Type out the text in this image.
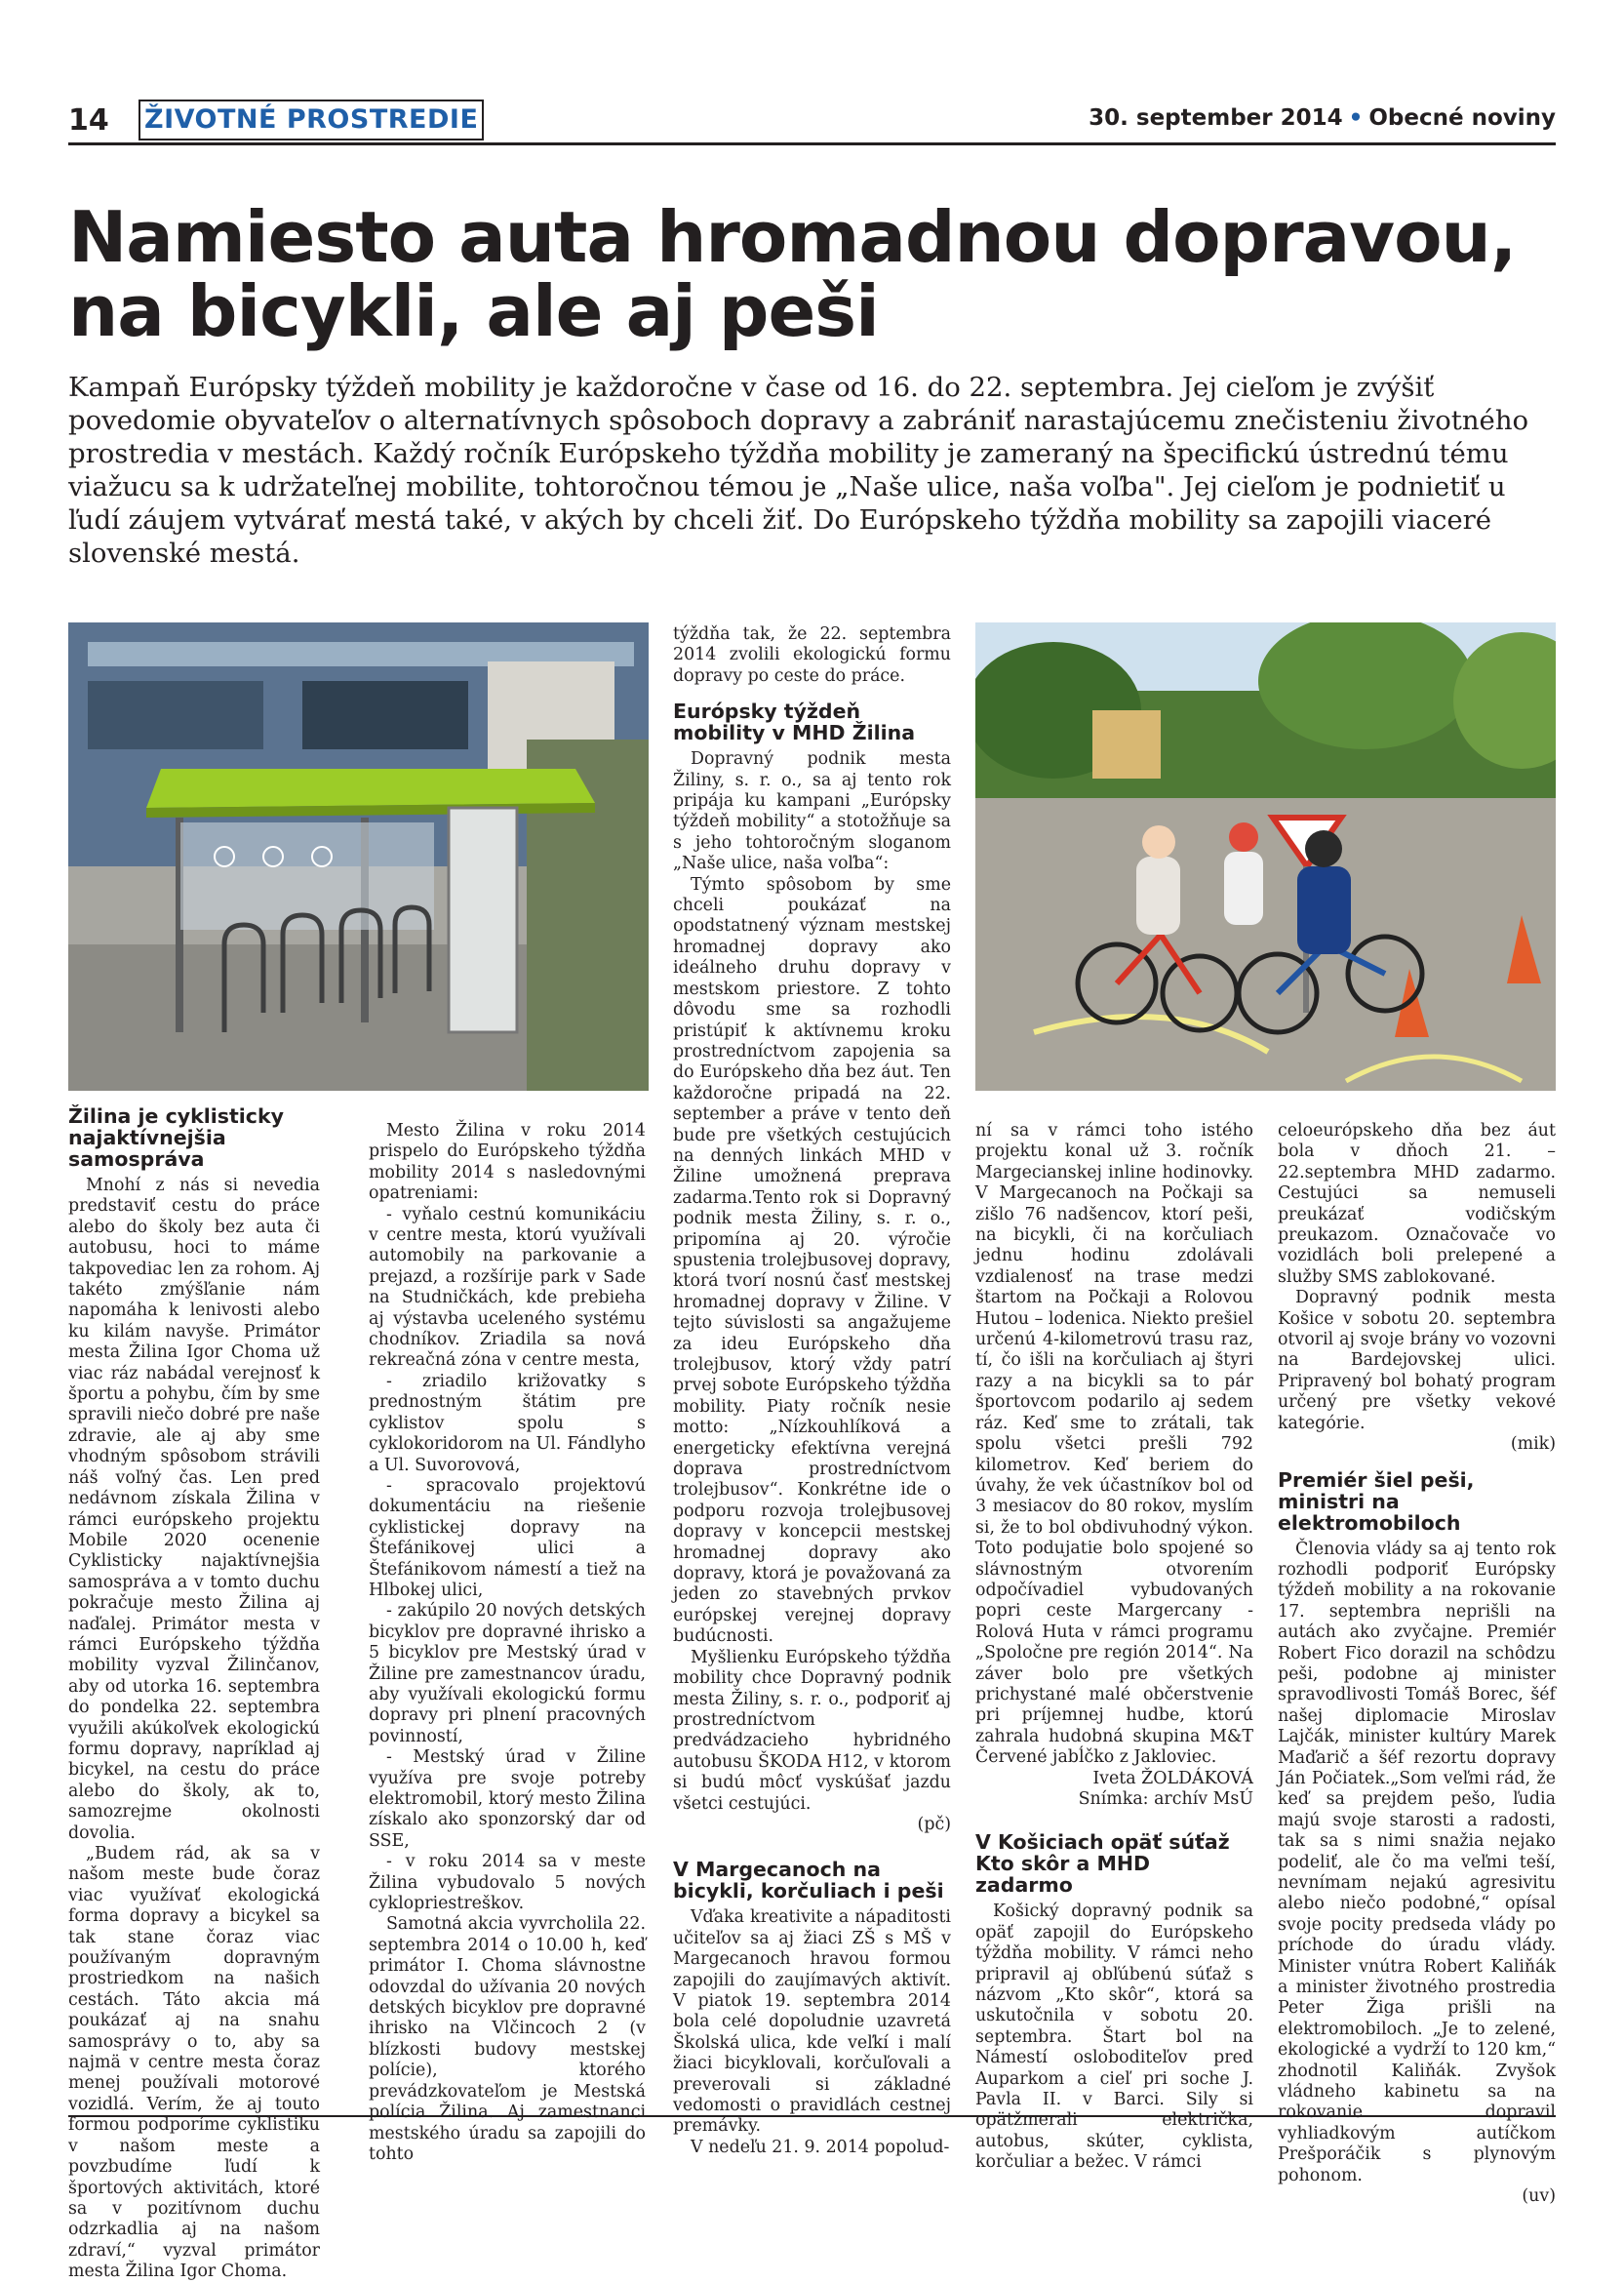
14 ŽIVOTNÉ PROSTREDIE	30. september 2014 • Obecné noviny
Namiesto auta hromadnou dopravou,
na bicykli, ale aj peši
Kampaň Európsky týždeň mobility je každoročne v čase od 16. do 22. septembra. Jej cieľom je zvýšiť povedomie obyvateľov o alternatívnych spôsoboch dopravy a zabrániť narastajúcemu znečisteniu životného prostredia v mestách. Každý ročník Európskeho týždňa mobility je zameraný na špecifickú ústrednú tému viažucu sa k udržateľnej mobilite, tohtoročnou témou je „Naše ulice, naša voľba". Jej cieľom je podnietiť u ľudí záujem vytvárať mestá také, v akých by chceli žiť. Do Európskeho týždňa mobility sa zapojili viaceré slovenské mestá.
Žilina je cyklisticky najaktívnejšia samospráva

Mnohí z nás si nevedia predstaviť cestu do práce alebo do školy bez auta či autobusu, hoci to máme takpovediac len za rohom. Aj takéto zmýšľanie nám napomáha k lenivosti alebo ku kilám navyše. Primátor mesta Žilina Igor Choma už viac ráz nabádal verejnosť k športu a pohybu, čím by sme spravili niečo dobré pre naše zdravie, ale aj aby sme vhodným spôsobom strávili náš voľný čas. Len pred nedávnom získala Žilina v rámci európskeho projektu Mobile 2020 ocenenie Cyklisticky najaktívnejšia samospráva a v tomto duchu pokračuje mesto Žilina aj naďalej. Primátor mesta v rámci Európskeho týždňa mobility vyzval Žilinčanov, aby od utorka 16. septembra do pondelka 22. septembra využili akúkoľvek ekologickú formu dopravy, napríklad aj bicykel, na cestu do práce alebo do školy, ak to, samozrejme okolnosti dovolia.

„Budem rád, ak sa v našom meste bude čoraz viac využívať ekologická forma dopravy a bicykel sa tak stane čoraz viac používaným dopravným prostriedkom na našich cestách. Táto akcia má poukázať aj na snahu samosprávy o to, aby sa najmä v centre mesta čoraz menej používali motorové vozidlá. Verím, že aj touto formou podporíme cyklistiku v našom meste a povzbudíme ľudí k športových aktivitách, ktoré sa v pozitívnom duchu odzrkadlia aj na našom zdraví,“ vyzval primátor mesta Žilina Igor Choma.

Mesto Žilina v roku 2014 prispelo do Európskeho týždňa mobility 2014 s nasledovnými opatreniami:

- vyňalo cestnú komunikáciu v centre mesta, ktorú využívali automobily na parkovanie a prejazd, a rozšírije park v Sade na Studničkách, kde prebieha aj výstavba uceleného systému chodníkov. Zriadila sa nová rekreačná zóna v centre mesta,

- zriadilo križovatky s prednostným štátim pre cyklistov spolu s cyklokoridorom na Ul. Fándlyho a Ul. Suvorovová,

- spracovalo projektovú dokumentáciu na riešenie cyklistickej dopravy na Štefánikovej ulici a Štefánikovom námestí a tiež na Hlbokej ulici,

- zakúpilo 20 nových detských bicyklov pre dopravné ihrisko a 5 bicyklov pre Mestský úrad v Žiline pre zamestnancov úradu, aby využívali ekologickú formu dopravy pri plnení pracovných povinností,

- Mestský úrad v Žiline využíva pre svoje potreby elektromobil, ktorý mesto Žilina získalo ako sponzorský dar od SSE,

- v roku 2014 sa v meste Žilina vybudovalo 5 nových cyklopriestreškov.

Samotná akcia vyvrcholila 22. septembra 2014 o 10.00 h, keď primátor I. Choma slávnostne odovzdal do užívania 20 nových detských bicyklov pre dopravné ihrisko na Vlčincoch 2 (v blízkosti budovy mestskej polície), ktorého prevádzkovateľom je Mestská polícia Žilina. Aj zamestnanci mestského úradu sa zapojili do tohto

týždňa tak, že 22. septembra 2014 zvolili ekologickú formu dopravy po ceste do práce.

Európsky týždeň mobility v MHD Žilina

Dopravný podnik mesta Žiliny, s. r. o., sa aj tento rok pripája ku kampani „Európsky týždeň mobility“ a stotožňuje sa s jeho tohtoročným sloganom „Naše ulice, naša voľba“:

Týmto spôsobom by sme chceli poukázať na opodstatnený význam mestskej hromadnej dopravy ako ideálneho druhu dopravy v mestskom priestore. Z tohto dôvodu sme sa rozhodli pristúpiť k aktívnemu kroku prostredníctvom zapojenia sa do Európskeho dňa bez áut. Ten každoročne pripadá na 22. september a práve v tento deň bude pre všetkých cestujúcich na denných linkách MHD v Žiline umožnená preprava zadarma.Tento rok si Dopravný podnik mesta Žiliny, s. r. o., pripomína aj 20. výročie spustenia trolejbusovej dopravy, ktorá tvorí nosnú časť mestskej hromadnej dopravy v Žiline. V tejto súvislosti sa angažujeme za ideu Európskeho dňa trolejbusov, ktorý vždy patrí prvej sobote Európskeho týždňa mobility. Piaty ročník nesie motto: „Nízkouhlíková a energeticky efektívna verejná doprava prostredníctvom trolejbusov“. Konkrétne ide o podporu rozvoja trolejbusovej dopravy v koncepcii mestskej hromadnej dopravy ako dopravy, ktorá je považovaná za jeden zo stavebných prvkov európskej verejnej dopravy budúcnosti.

Myšlienku Európskeho týždňa mobility chce Dopravný podnik mesta Žiliny, s. r. o., podporiť aj prostredníctvom predvádzacieho hybridného autobusu ŠKODA H12, v ktorom si budú môcť vyskúšať jazdu všetci cestujúci.

(pč)
V Margecanoch na bicykli, korčuliach i peši

Vďaka kreativite a nápaditosti učiteľov sa aj žiaci ZŠ s MŠ v Margecanoch hravou formou zapojili do zaujímavých aktivít. V piatok 19. septembra 2014 bola celé dopoludnie uzavretá Školská ulica, kde veľkí i malí žiaci bicyklovali, korčuľovali a preverovali si základné vedomosti o pravidlách cestnej premávky.

V nedeľu 21. 9. 2014 popolud-

ní sa v rámci toho istého projektu konal už 3. ročník Margecianskej inline hodinovky. V Margecanoch na Počkaji sa zišlo 76 nadšencov, ktorí peši, na bicykli, či na korčuliach jednu hodinu zdolávali vzdialenosť na trase medzi štartom na Počkaji a Rolovou Hutou – lodenica. Niekto prešiel určenú 4-kilometrovú trasu raz, tí, čo išli na korčuliach aj štyri razy a na bicykli sa to pár športovcom podarilo aj sedem ráz. Keď sme to zrátali, tak spolu všetci prešli 792 kilometrov. Keď beriem do úvahy, že vek účastníkov bol od 3 mesiacov do 80 rokov, myslím si, že to bol obdivuhodný výkon. Toto podujatie bolo spojené so slávnostným otvorením odpočívadiel vybudovaných popri ceste Margercany - Rolová Huta v rámci programu „Spoločne pre región 2014“. Na záver bolo pre všetkých prichystané malé občerstvenie pri príjemnej hudbe, ktorú zahrala hudobná skupina M&T Červené jabĺčko z Jakloviec.

Iveta ŽOLDÁKOVÁ
Snímka: archív MsÚ
V Košiciach opäť súťaž Kto skôr a MHD zadarmo

Košický dopravný podnik sa opäť zapojil do Európskeho týždňa mobility. V rámci neho pripravil aj obľúbenú súťaž s názvom „Kto skôr“, ktorá sa uskutočnila v sobotu 20. septembra. Štart bol na Námestí osloboditeľov pred Auparkom a cieľ pri soche J. Pavla II. v Barci. Sily si opätžmerali električka, autobus, skúter, cyklista, korčuliar a bežec. V rámci

celoeurópskeho dňa bez áut bola v dňoch 21. – 22.septembra MHD zadarmo. Cestujúci sa nemuseli preukázať vodičským preukazom. Označovače vo vozidlách boli prelepené a služby SMS zablokované.

Dopravný podnik mesta Košice v sobotu 20. septembra otvoril aj svoje brány vo vozovni na Bardejovskej ulici. Pripravený bol bohatý program určený pre všetky vekové kategórie.

(mik)
Premiér šiel peši, ministri na elektromobiloch

Členovia vlády sa aj tento rok rozhodli podporiť Európsky týždeň mobility a na rokovanie 17. septembra neprišli na autách ako zvyčajne. Premiér Robert Fico dorazil na schôdzu peši, podobne aj minister spravodlivosti Tomáš Borec, šéf našej diplomacie Miroslav Lajčák, minister kultúry Marek Maďarič a šéf rezortu dopravy Ján Počiatek.„Som veľmi rád, že keď sa prejdem pešo, ľudia majú svoje starosti a radosti, tak sa s nimi snažia nejako podeliť, ale čo ma veľmi teší, nevnímam nejakú agresivitu alebo niečo podobné,“ opísal svoje pocity predseda vlády po príchode do úradu vlády. Minister vnútra Robert Kaliňák a minister životného prostredia Peter Žiga prišli na elektromobiloch. „Je to zelené, ekologické a vydrží to 120 km,“ zhodnotil Kaliňák. Zvyšok vládneho kabinetu sa na rokovanie dopravil vyhliadkovým autíčkom Prešporáčik s plynovým pohonom.

(uv)
